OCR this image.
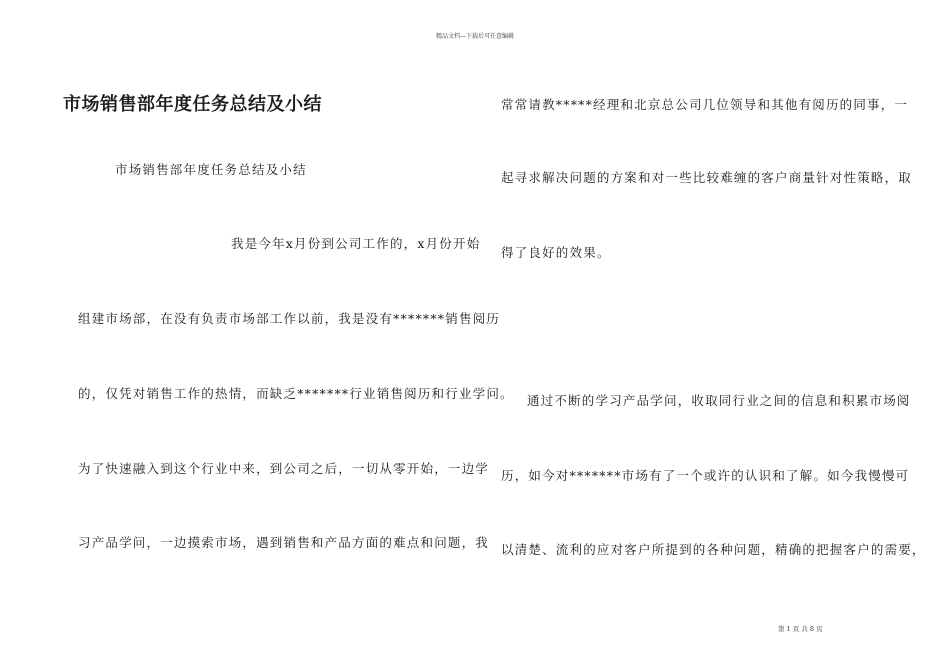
精品文档---下载后可任意编辑
市场销售部年度任务总结及小结
市场销售部年度任务总结及小结
我是今年x月份到公司工作的，x月份开始
组建市场部，在没有负责市场部工作以前，我是没有*******销售阅历
的，仅凭对销售工作的热情，而缺乏*******行业销售阅历和行业学问。
为了快速融入到这个行业中来，到公司之后，一切从零开始，一边学
习产品学问，一边摸索市场，遇到销售和产品方面的难点和问题，我
常常请教*****经理和北京总公司几位领导和其他有阅历的同事，一
起寻求解决问题的方案和对一些比较难缠的客户商量针对性策略，取
得了良好的效果。
通过不断的学习产品学问，收取同行业之间的信息和积累市场阅
历，如今对*******市场有了一个或许的认识和了解。如今我慢慢可
以清楚、流利的应对客户所提到的各种问题，精确的把握客户的需要，
第 1 页 共 8 页
